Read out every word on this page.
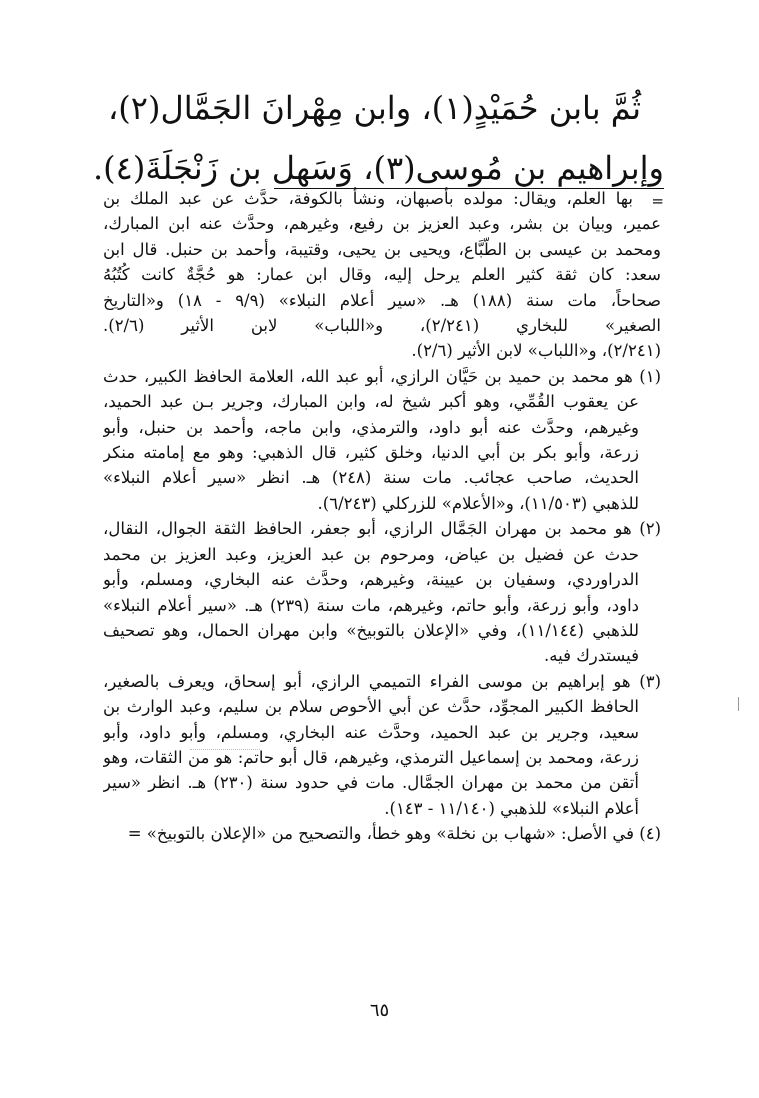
ثُمَّ بابن حُمَيْدٍ(١)، وابن مِهْرانَ الجَمَّال(٢)،
وإبراهيم بن مُوسى(٣)، وَسَهل بن زَنْجَلَةَ(٤).
=
بها العلم، ويقال: مولده بأصبهان، ونشأ بالكوفة، حدَّث عن عبد الملك بن
عمير، وبيان بن بشر، وعبد العزيز بن رفيع، وغيرهم، وحدَّث عنه ابن المبارك،
ومحمد بن عيسى بن الطَّبَّاع، ويحيى بن يحيى، وقتيبة، وأحمد بن حنبل. قال ابن
سعد: كان ثقة كثير العلم يرحل إليه، وقال ابن عمار: هو حُجَّةٌ كانت كُتُبُهُ
صحاحاً، مات سنة (١٨٨) هـ. «سير أعلام النبلاء» (٩/٩ - ١٨) و«التاريخ
الصغير» للبخاري (٢/٢٤١)، و«اللباب» لابن الأثير (٢/٦).
(٢/٢٤١)، و«اللباب» لابن الأثير (٢/٦).
(١) هو محمد بن حميد بن حَيَّان الرازي، أبو عبد الله، العلامة الحافظ الكبير، حدث
عن يعقوب القُمِّي، وهو أكبر شيخ له، وابن المبارك، وجرير بـن عبد الحميد،
وغيرهم، وحدَّث عنه أبو داود، والترمذي، وابن ماجه، وأحمد بن حنبل، وأبو
زرعة، وأبو بكر بن أبي الدنيا، وخلق كثير، قال الذهبي: وهو مع إمامته منكر
الحديث، صاحب عجائب. مات سنة (٢٤٨) هـ. انظر «سير أعلام النبلاء»
للذهبي (١١/٥٠٣)، و«الأعلام» للزركلي (٦/٢٤٣).
(٢) هو محمد بن مهران الجَمَّال الرازي، أبو جعفر، الحافظ الثقة الجوال، النقال،
حدث عن فضيل بن عياض، ومرحوم بن عبد العزيز، وعبد العزيز بن محمد
الدراوردي، وسفيان بن عيينة، وغيرهم، وحدَّث عنه البخاري، ومسلم، وأبو
داود، وأبو زرعة، وأبو حاتم، وغيرهم، مات سنة (٢٣٩) هـ. «سير أعلام النبلاء»
للذهبي (١١/١٤٤)، وفي «الإعلان بالتوبيخ» وابن مهران الحمال، وهو تصحيف
فيستدرك فيه.
(٣) هو إبراهيم بن موسى الفراء التميمي الرازي، أبو إسحاق، ويعرف بالصغير،
الحافظ الكبير المجوِّد، حدَّث عن أبي الأحوص سلام بن سليم، وعبد الوارث بن
سعيد، وجرير بن عبد الحميد، وحدَّث عنه البخاري، ومسلم، وأبو داود، وأبو
زرعة، ومحمد بن إسماعيل الترمذي، وغيرهم، قال أبو حاتم: هو من الثقات، وهو
أتقن من محمد بن مهران الجمَّال. مات في حدود سنة (٢٣٠) هـ. انظر «سير
أعلام النبلاء» للذهبي (١١/١٤٠ - ١٤٣).
(٤) في الأصل: «شهاب بن نخلة» وهو خطأ، والتصحيح من «الإعلان بالتوبيخ» =
٦٥
